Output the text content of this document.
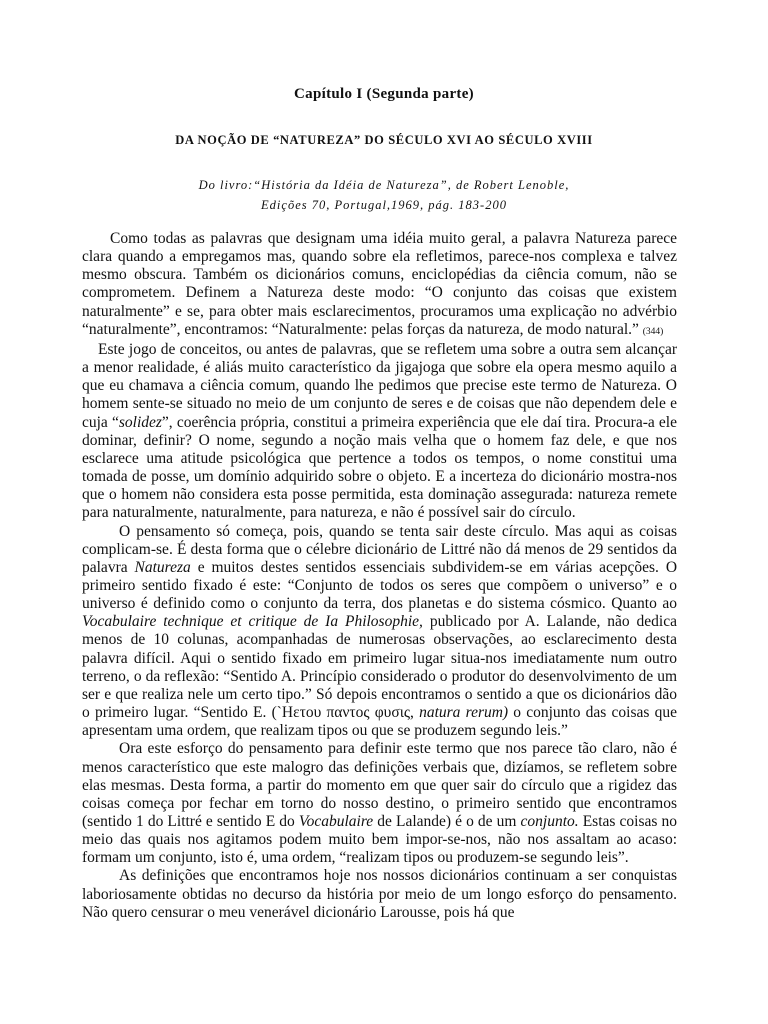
Capítulo I (Segunda parte)
DA NOÇÃO DE “NATUREZA” DO SÉCULO XVI AO SÉCULO XVIII
Do livro:“História da Idéia de Natureza”, de Robert Lenoble,
Edições 70, Portugal,1969, pág. 183-200

Como todas as palavras que designam uma idéia muito geral, a palavra Natureza parece clara quando a empregamos mas, quando sobre ela refletimos, parece-nos complexa e talvez mesmo obscura. Também os dicionários comuns, enciclopédias da ciência comum, não se comprometem. Definem a Natureza deste modo: “O conjunto das coisas que existem naturalmente” e se, para obter mais esclarecimentos, procuramos uma explicação no advérbio “naturalmente”, encontramos: “Naturalmente: pelas forças da natureza, de modo natural.” (344)

Este jogo de conceitos, ou antes de palavras, que se refletem uma sobre a outra sem alcançar a menor realidade, é aliás muito característico da jigajoga que sobre ela opera mesmo aquilo a que eu chamava a ciência comum, quando lhe pedimos que precise este termo de Natureza. O homem sente-se situado no meio de um conjunto de seres e de coisas que não dependem dele e cuja “solidez”, coerência própria, constitui a primeira experiência que ele daí tira. Procura-a ele dominar, definir? O nome, segundo a noção mais velha que o homem faz dele, e que nos esclarece uma atitude psicológica que pertence a todos os tempos, o nome constitui uma tomada de posse, um domínio adquirido sobre o objeto. E a incerteza do dicionário mostra-nos que o homem não considera esta posse permitida, esta dominação assegurada: natureza remete para naturalmente, naturalmente, para natureza, e não é possível sair do círculo.

O pensamento só começa, pois, quando se tenta sair deste círculo. Mas aqui as coisas complicam-se. É desta forma que o célebre dicionário de Littré não dá menos de 29 sentidos da palavra Natureza e muitos destes sentidos essenciais subdividem-se em várias acepções. O primeiro sentido fixado é este: “Conjunto de todos os seres que compõem o universo” e o universo é definido como o conjunto da terra, dos planetas e do sistema cósmico. Quanto ao Vocabulaire technique et critique de Ia Philosophie, publicado por A. Lalande, não dedica menos de 10 colunas, acompanhadas de numerosas observações, ao esclarecimento desta palavra difícil. Aqui o sentido fixado em primeiro lugar situa-nos imediatamente num outro terreno, o da reflexão: “Sentido A. Princípio considerado o produtor do desenvolvimento de um ser e que realiza nele um certo tipo.” Só depois encontramos o sentido a que os dicionários dão o primeiro lugar. “Sentido E. (`Ηετου παντος φυσις, natura rerum) o conjunto das coisas que apresentam uma ordem, que realizam tipos ou que se produzem segundo leis.”

Ora este esforço do pensamento para definir este termo que nos parece tão claro, não é menos característico que este malogro das definições verbais que, dizíamos, se refletem sobre elas mesmas. Desta forma, a partir do momento em que quer sair do círculo que a rigidez das coisas começa por fechar em torno do nosso destino, o primeiro sentido que encontramos (sentido 1 do Littré e sentido E do Vocabulaire de Lalande) é o de um conjunto. Estas coisas no meio das quais nos agitamos podem muito bem impor-se-nos, não nos assaltam ao acaso: formam um conjunto, isto é, uma ordem, “realizam tipos ou produzem-se segundo leis”.

As definições que encontramos hoje nos nossos dicionários continuam a ser conquistas laboriosamente obtidas no decurso da história por meio de um longo esforço do pensamento. Não quero censurar o meu venerável dicionário Larousse, pois há que
